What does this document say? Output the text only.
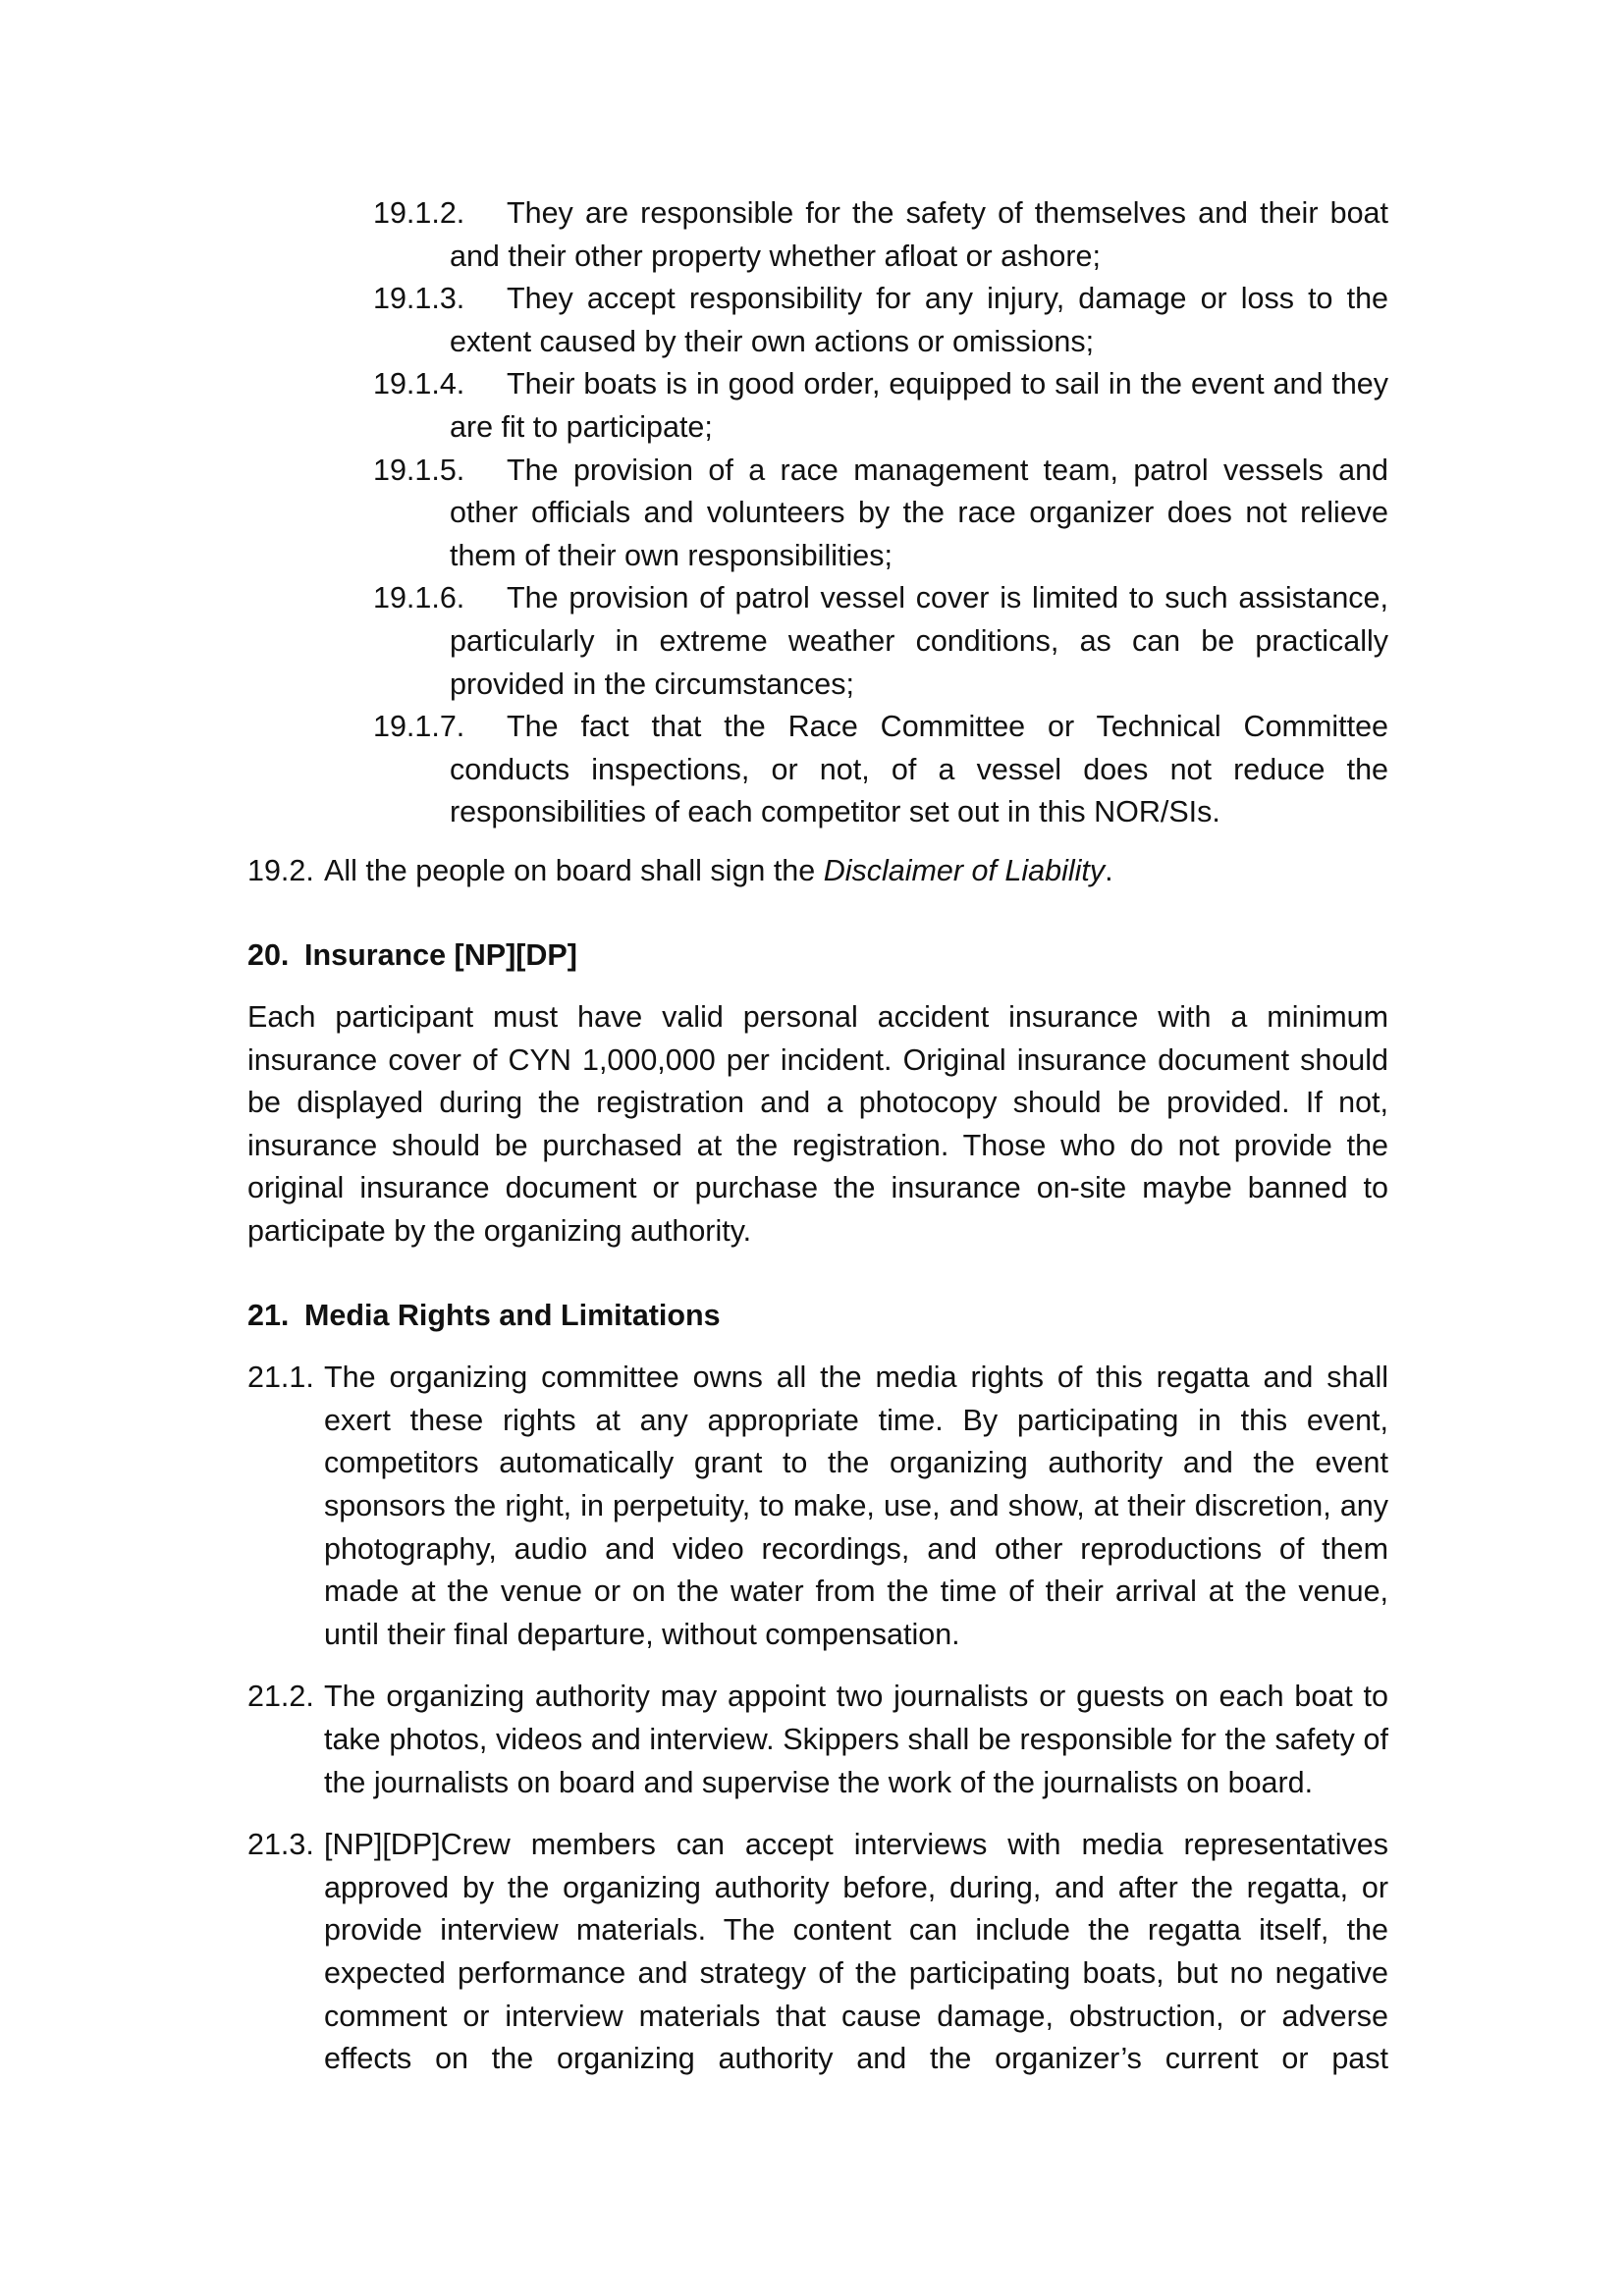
19.1.2. They are responsible for the safety of themselves and their boat and their other property whether afloat or ashore;
19.1.3. They accept responsibility for any injury, damage or loss to the extent caused by their own actions or omissions;
19.1.4. Their boats is in good order, equipped to sail in the event and they are fit to participate;
19.1.5. The provision of a race management team, patrol vessels and other officials and volunteers by the race organizer does not relieve them of their own responsibilities;
19.1.6. The provision of patrol vessel cover is limited to such assistance, particularly in extreme weather conditions, as can be practically provided in the circumstances;
19.1.7. The fact that the Race Committee or Technical Committee conducts inspections, or not, of a vessel does not reduce the responsibilities of each competitor set out in this NOR/SIs.
19.2. All the people on board shall sign the Disclaimer of Liability.
20. Insurance [NP][DP]
Each participant must have valid personal accident insurance with a minimum insurance cover of CYN 1,000,000 per incident. Original insurance document should be displayed during the registration and a photocopy should be provided. If not, insurance should be purchased at the registration. Those who do not provide the original insurance document or purchase the insurance on-site maybe banned to participate by the organizing authority.
21. Media Rights and Limitations
21.1. The organizing committee owns all the media rights of this regatta and shall exert these rights at any appropriate time. By participating in this event, competitors automatically grant to the organizing authority and the event sponsors the right, in perpetuity, to make, use, and show, at their discretion, any photography, audio and video recordings, and other reproductions of them made at the venue or on the water from the time of their arrival at the venue, until their final departure, without compensation.
21.2. The organizing authority may appoint two journalists or guests on each boat to take photos, videos and interview. Skippers shall be responsible for the safety of the journalists on board and supervise the work of the journalists on board.
21.3. [NP][DP]Crew members can accept interviews with media representatives approved by the organizing authority before, during, and after the regatta, or provide interview materials. The content can include the regatta itself, the expected performance and strategy of the participating boats, but no negative comment or interview materials that cause damage, obstruction, or adverse effects on the organizing authority and the organizer’s current or past
